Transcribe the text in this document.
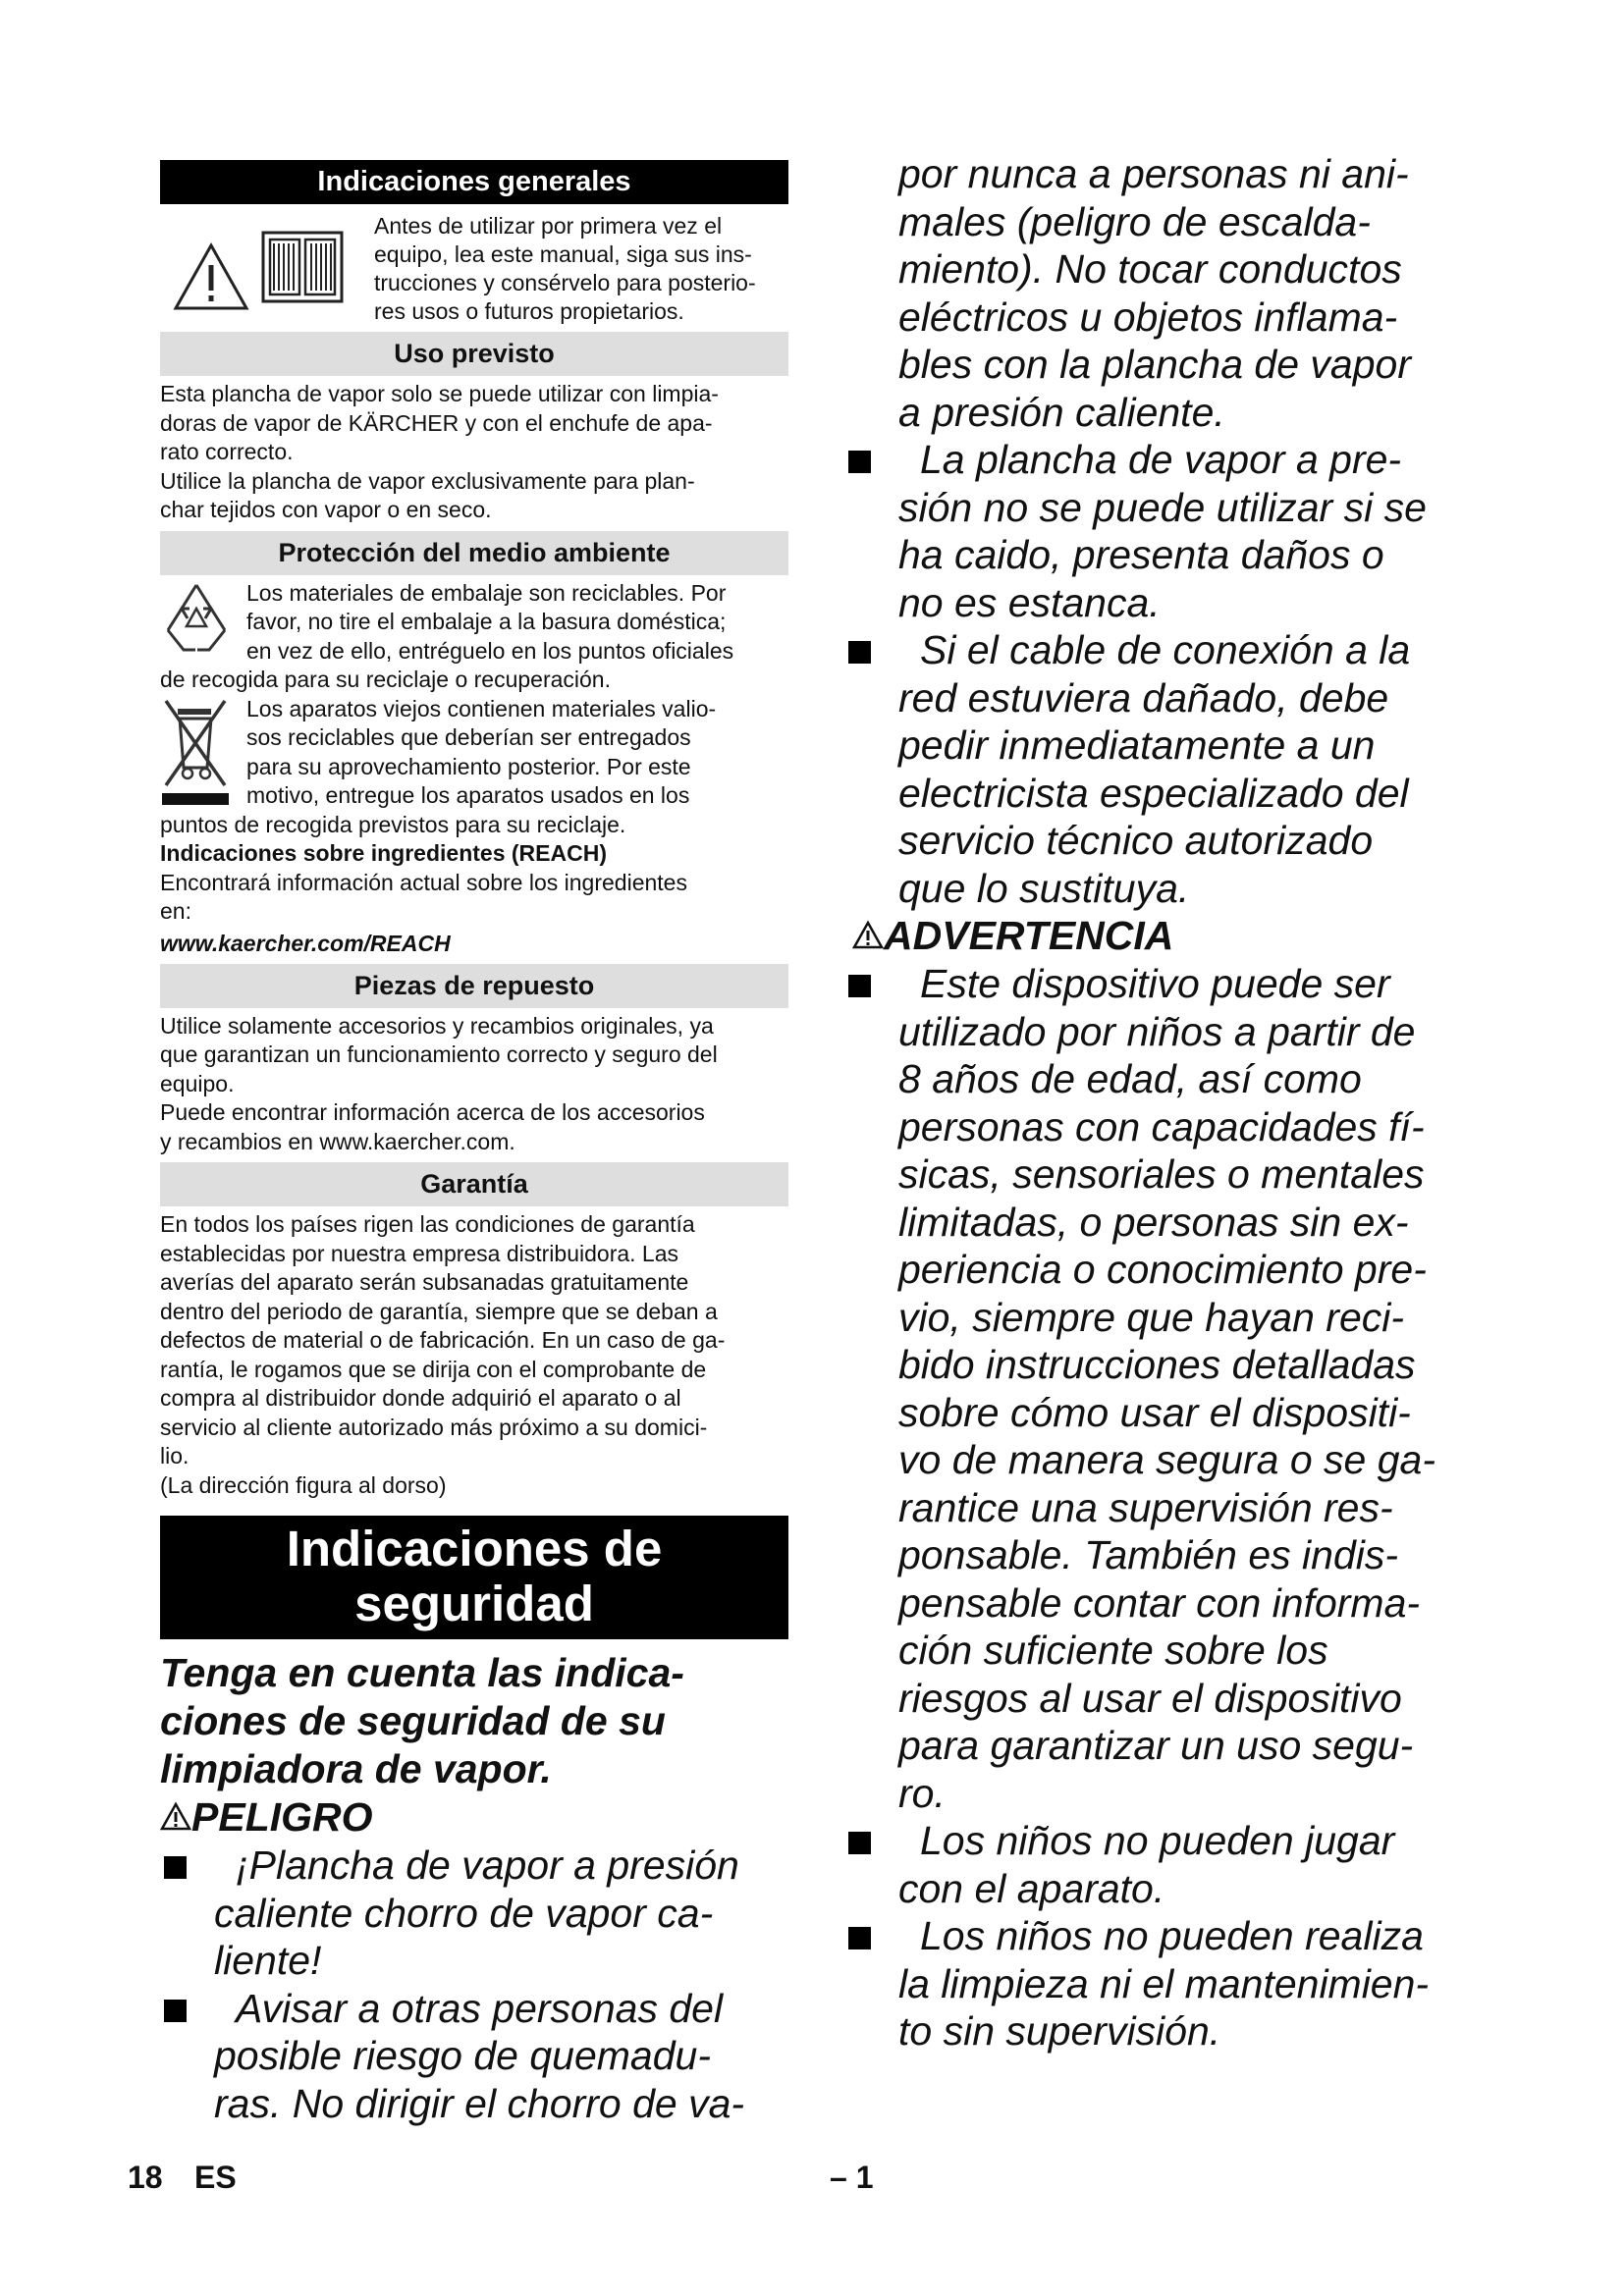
Indicaciones generales
Antes de utilizar por primera vez el
equipo, lea este manual, siga sus ins-
trucciones y consérvelo para posterio-
res usos o futuros propietarios.
Uso previsto
Esta plancha de vapor solo se puede utilizar con limpia-
doras de vapor de KÄRCHER y con el enchufe de apa-
rato correcto.
Utilice la plancha de vapor exclusivamente para plan-
char tejidos con vapor o en seco.
Protección del medio ambiente
Los materiales de embalaje son reciclables. Por
favor, no tire el embalaje a la basura doméstica;
en vez de ello, entréguelo en los puntos oficiales
de recogida para su reciclaje o recuperación.
Los aparatos viejos contienen materiales valio-
sos reciclables que deberían ser entregados
para su aprovechamiento posterior. Por este
motivo, entregue los aparatos usados en los
puntos de recogida previstos para su reciclaje.
Indicaciones sobre ingredientes (REACH)
Encontrará información actual sobre los ingredientes
en:
www.kaercher.com/REACH
Piezas de repuesto
Utilice solamente accesorios y recambios originales, ya
que garantizan un funcionamiento correcto y seguro del
equipo.
Puede encontrar información acerca de los accesorios
y recambios en www.kaercher.com.
Garantía
En todos los países rigen las condiciones de garantía
establecidas por nuestra empresa distribuidora. Las
averías del aparato serán subsanadas gratuitamente
dentro del periodo de garantía, siempre que se deban a
defectos de material o de fabricación. En un caso de ga-
rantía, le rogamos que se dirija con el comprobante de
compra al distribuidor donde adquirió el aparato o al
servicio al cliente autorizado más próximo a su domici-
lio.
(La dirección figura al dorso)
Indicaciones de
seguridad
Tenga en cuenta las indica-
ciones de seguridad de su
limpiadora de vapor.
PELIGRO
¡Plancha de vapor a presión
caliente chorro de vapor ca-
liente!
Avisar a otras personas del
posible riesgo de quemadu-
ras. No dirigir el chorro de va-
por nunca a personas ni ani-
males (peligro de escalda-
miento). No tocar conductos
eléctricos u objetos inflama-
bles con la plancha de vapor
a presión caliente.
La plancha de vapor a pre-
sión no se puede utilizar si se
ha caido, presenta daños o
no es estanca.
Si el cable de conexión a la
red estuviera dañado, debe
pedir inmediatamente a un
electricista especializado del
servicio técnico autorizado
que lo sustituya.
ADVERTENCIA
Este dispositivo puede ser
utilizado por niños a partir de
8 años de edad, así como
personas con capacidades fí-
sicas, sensoriales o mentales
limitadas, o personas sin ex-
periencia o conocimiento pre-
vio, siempre que hayan reci-
bido instrucciones detalladas
sobre cómo usar el dispositi-
vo de manera segura o se ga-
rantice una supervisión res-
ponsable. También es indis-
pensable contar con informa-
ción suficiente sobre los
riesgos al usar el dispositivo
para garantizar un uso segu-
ro.
Los niños no pueden jugar
con el aparato.
Los niños no pueden realiza
la limpieza ni el mantenimien-
to sin supervisión.
18 ES	– 1
